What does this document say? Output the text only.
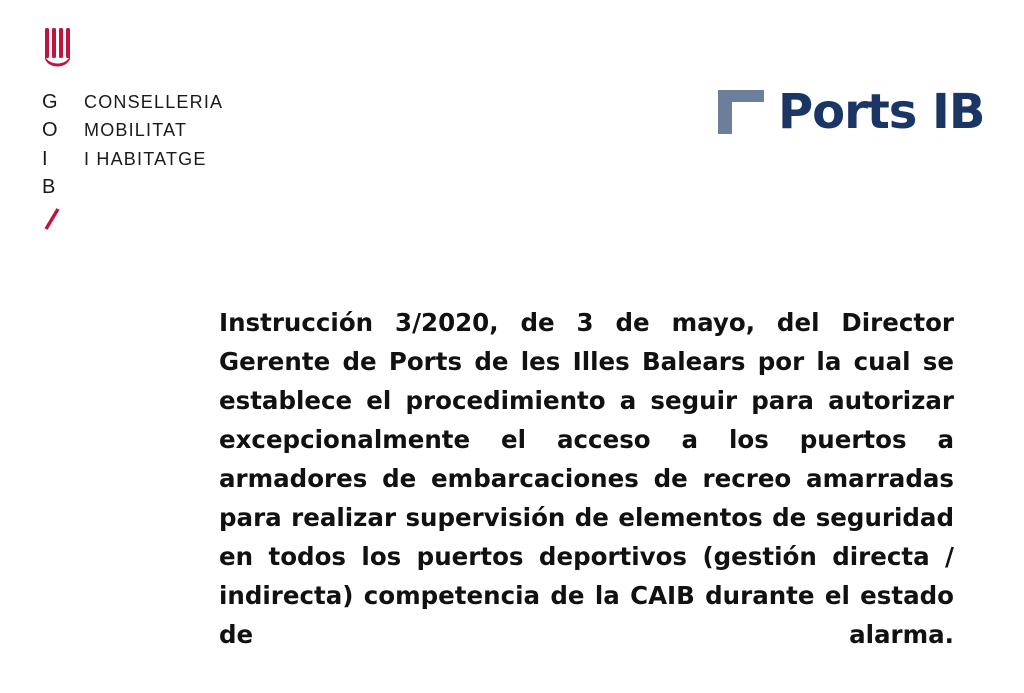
G
O
I
B
CONSELLERIA
MOBILITAT
I HABITATGE
Ports IB

Instrucción 3/2020, de 3 de mayo, del Director Gerente de Ports de les Illes Balears por la cual se establece el procedimiento a seguir para autorizar excepcionalmente el acceso a los puertos a armadores de embarcaciones de recreo amarradas para realizar supervisión de elementos de seguridad en todos los puertos deportivos (gestión directa / indirecta) competencia de la CAIB durante el estado de alarma.
